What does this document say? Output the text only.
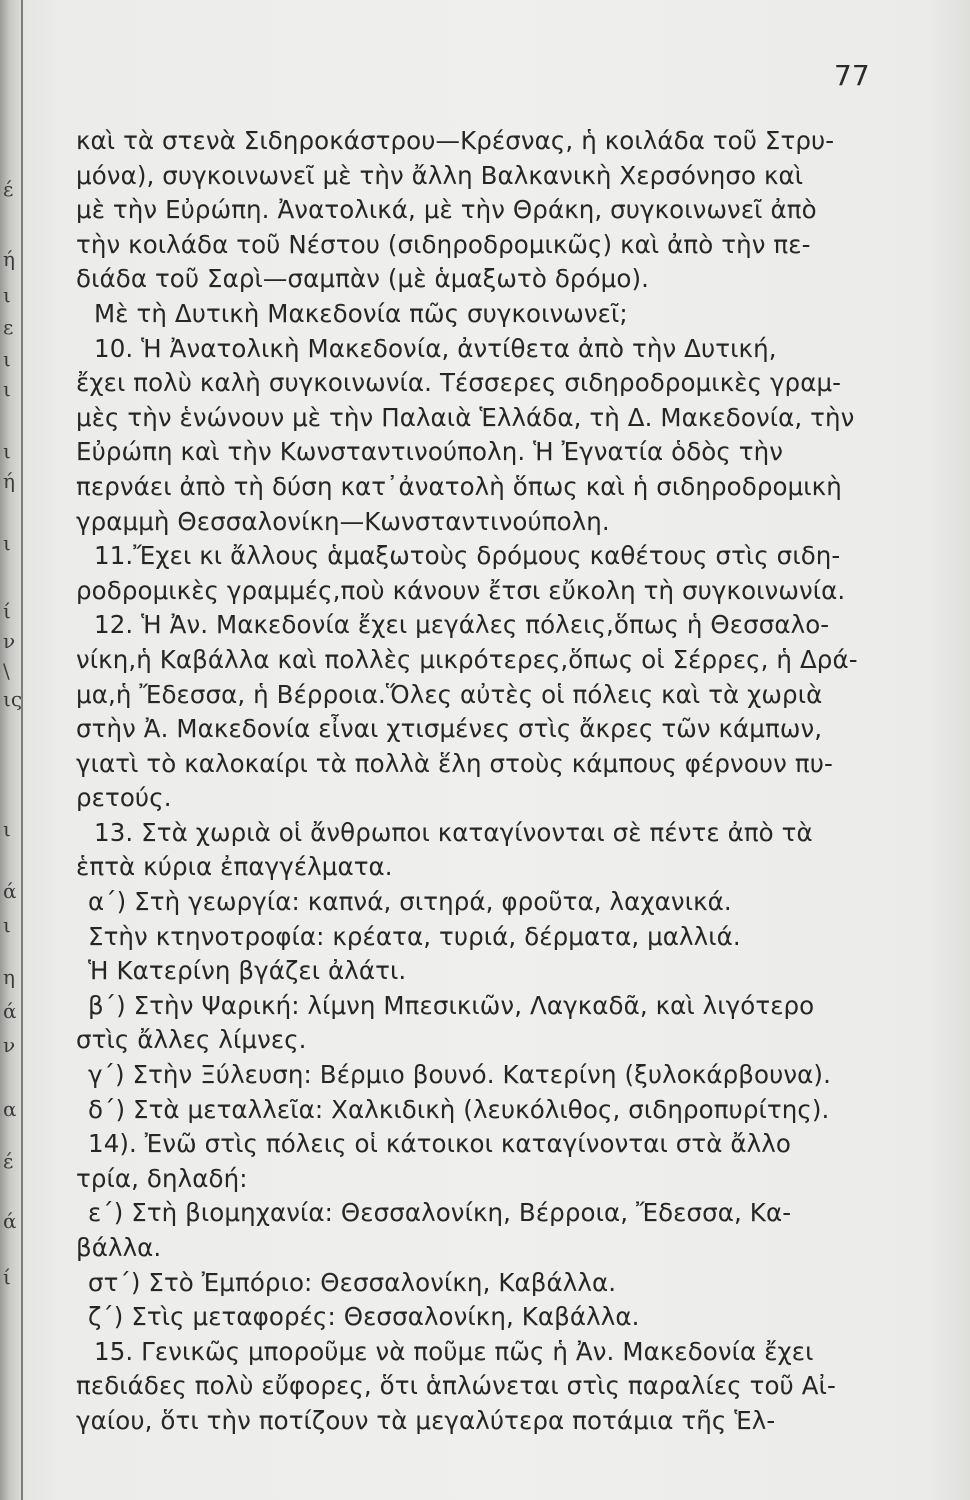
έ
ή
ι
ε
ι
ι
ι
ή
ι
ί
ν
\
ις
ι
ά
ι
η
ά
ν
α
έ
ά
ί
77
καὶ τὰ στενὰ Σιδηροκάστρου—Κρέσνας, ἡ κοιλάδα τοῦ Στρυ-
μόνα), συγκοινωνεῖ μὲ τὴν ἄλλη Βαλκανικὴ Χερσόνησο καὶ
μὲ τὴν Εὐρώπη. Ἀνατολικά, μὲ τὴν Θράκη, συγκοινωνεῖ ἀπὸ
τὴν κοιλάδα τοῦ Νέστου (σιδηροδρομικῶς) καὶ ἀπὸ τὴν πε-
διάδα τοῦ Σαρὶ—σαμπὰν (μὲ ἁμαξωτὸ δρόμο).
Μὲ τὴ Δυτικὴ Μακεδονία πῶς συγκοινωνεῖ;
10. Ἡ Ἀνατολικὴ Μακεδονία, ἀντίθετα ἀπὸ τὴν Δυτική,
ἔχει πολὺ καλὴ συγκοινωνία. Τέσσερες σιδηροδρομικὲς γραμ-
μὲς τὴν ἑνώνουν μὲ τὴν Παλαιὰ Ἑλλάδα, τὴ Δ. Μακεδονία, τὴν
Εὐρώπη καὶ τὴν Κωνσταντινούπολη. Ἡ Ἐγνατία ὁδὸς τὴν
περνάει ἀπὸ τὴ δύση κατ᾿ἀνατολὴ ὅπως καὶ ἡ σιδηροδρομικὴ
γραμμὴ Θεσσαλονίκη—Κωνσταντινούπολη.
11.Ἔχει κι ἄλλους ἁμαξωτοὺς δρόμους καθέτους στὶς σιδη-
ροδρομικὲς γραμμές,ποὺ κάνουν ἔτσι εὔκολη τὴ συγκοινωνία.
12. Ἡ Ἀν. Μακεδονία ἔχει μεγάλες πόλεις,ὅπως ἡ Θεσσαλο-
νίκη,ἡ Καβάλλα καὶ πολλὲς μικρότερες,ὅπως οἱ Σέρρες, ἡ Δρά-
μα,ἡ Ἔδεσσα, ἡ Βέρροια.Ὅλες αὐτὲς οἱ πόλεις καὶ τὰ χωριὰ
στὴν Ἀ. Μακεδονία εἶναι χτισμένες στὶς ἄκρες τῶν κάμπων,
γιατὶ τὸ καλοκαίρι τὰ πολλὰ ἕλη στοὺς κάμπους φέρνουν πυ-
ρετούς.
13. Στὰ χωριὰ οἱ ἄνθρωποι καταγίνονται σὲ πέντε ἀπὸ τὰ
ἑπτὰ κύρια ἐπαγγέλματα.
α΄) Στὴ γεωργία: καπνά, σιτηρά, φροῦτα, λαχανικά.
Στὴν κτηνοτροφία: κρέατα, τυριά, δέρματα, μαλλιά.
Ἡ Κατερίνη βγάζει ἀλάτι.
β΄) Στὴν Ψαρική: λίμνη Μπεσικιῶν, Λαγκαδᾶ, καὶ λιγότερο
στὶς ἄλλες λίμνες.
γ΄) Στὴν Ξύλευση: Βέρμιο βουνό. Κατερίνη (ξυλοκάρβουνα).
δ΄) Στὰ μεταλλεῖα: Χαλκιδικὴ (λευκόλιθος, σιδηροπυρίτης).
14). Ἐνῶ στὶς πόλεις οἱ κάτοικοι καταγίνονται στὰ ἄλλο
τρία, δηλαδή:
ε΄) Στὴ βιομηχανία: Θεσσαλονίκη, Βέρροια, Ἔδεσσα, Κα-
βάλλα.
στ΄) Στὸ Ἐμπόριο: Θεσσαλονίκη, Καβάλλα.
ζ΄) Στὶς μεταφορές: Θεσσαλονίκη, Καβάλλα.
15. Γενικῶς μποροῦμε νὰ ποῦμε πῶς ἡ Ἀν. Μακεδονία ἔχει
πεδιάδες πολὺ εὔφορες, ὅτι ἁπλώνεται στὶς παραλίες τοῦ Αἰ-
γαίου, ὅτι τὴν ποτίζουν τὰ μεγαλύτερα ποτάμια τῆς Ἑλ-
